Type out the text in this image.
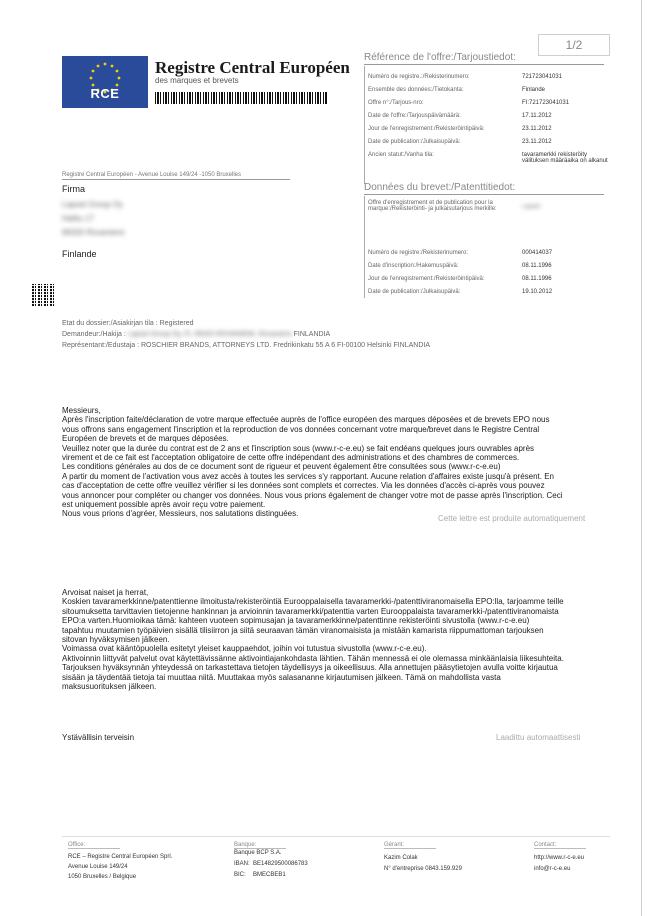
1/2
RCE
Registre Central Européen
des marques et brevets
Référence de l'offre:/Tarjoustiedot:
Numéro de registre.:/Rekisterinumero:	721723041031
Ensemble des données:/Tietokanta:	Finlande
Offre n°:/Tarjous-nro:	FI:721723041031
Date de l'offre:/Tarjouspäivämäärä:	17.11.2012
Jour de l'enregistrement:/Rekisteröintipäivä:	23.11.2012
Date de publication:/Julkaisupäivä:	23.11.2012
Ancien statut:/Vanha tila:	tavaramerkki rekisteröity välituksen määräaika on alkanut
Données du brevet:/Patenttitiedot:
Offre d'enregistrement et de publication pour la marque:/Rekisteröinti- ja julkaisutarjous merkille:	Lopset
Numéro de registre:/Rekisterinumero:	000414037
Date d'inscription:/Hakemuspäivä:	08.11.1996
Jour de l'enregistrement:/Rekisteröintipäivä:	08.11.1996
Date de publication:/Julkaisupäivä:	19.10.2012
Registre Central Européen - Avenue Louise 149/24 -1050 Bruxelles
Firma
Lapset Group Oy
Halttu 17
96320 Rovaniemi
Finlande
Etat du dossier:/Asiakirjan tila : Registered
Demandeur:/Hakija : Lapset Group Oy, FI, 96320 ROVANIEMI, Rovaniemi FINLANDIA
Représentant:/Edustaja : ROSCHIER BRANDS, ATTORNEYS LTD. Fredrikinkatu 55 A 6 FI-00100 Helsinki FINLANDIA
Messieurs,
Après l'inscription faite/déclaration de votre marque effectuée auprès de l'office européen des marques déposées et de brevets EPO nous
vous offrons sans engagement l'inscription et la reproduction de vos données concernant votre marque/brevet dans le Registre Central
Européen de brevets et de marques déposées.
Veuillez noter que la durée du contrat est de 2 ans et l'inscription sous (www.r-c-e.eu) se fait endéans quelques jours ouvrables après
virement et de ce fait est l'acceptation obligatoire de cette offre indépendant des administrations et des chambres de commerces.
Les conditions générales au dos de ce document sont de rigueur et peuvent également être consultées sous (www.r-c-e.eu)
A partir du moment de l'activation vous avez accès à toutes les services s'y rapportant. Aucune relation d'affaires existe jusqu'à présent. En
cas d'acceptation de cette offre veuillez vérifier si les données sont complets et correctes. Via les données d'accès ci-après vous pouvez
vous annoncer pour compléter ou changer vos données. Nous vous prions également de changer votre mot de passe après l'inscription. Ceci
est uniquement possible après avoir reçu votre paiement.
Nous vous prions d'agréer, Messieurs, nos salutations distinguées.
Cette lettre est produite automatiquement
Arvoisat naiset ja herrat,
Koskien tavaramerkkinne/patenttienne ilmoitusta/rekisteröintiä Eurooppalaisella tavaramerkki-/patenttiviranomaisella EPO:lla, tarjoamme teille
sitoumuksetta tarvittavien tietojenne hankinnan ja arvioinnin tavaramerkki/patenttia varten Eurooppalaista tavaramerkki-/patenttiviranomaista
EPO:a varten.Huomioikaa tämä: kahteen vuoteen sopimusajan ja tavaramerkkinne/patenttinne rekisteröinti sivustolla (www.r-c-e.eu)
tapahtuu muutamien työpäivien sisällä tilisiirron ja siitä seuraavan tämän viranomaisista ja mistään kamarista riippumattoman tarjouksen
sitovan hyväksymisen jälkeen.
Voimassa ovat kääntöpuolella esitetyt yleiset kauppaehdot, joihin voi tutustua sivustolla (www.r-c-e.eu).
Aktivoinnin liittyvät palvelut ovat käytettävissänne aktivointiajankohdasta lähtien. Tähän mennessä ei ole olemassa minkäänlaisia liikesuhteita.
Tarjouksen hyväksynnän yhteydessä on tarkastettava tietojen täydellisyys ja oikeellisuus. Alla annettujen pääsytietojen avulla voitte kirjautua
sisään ja täydentää tietoja tai muuttaa niitä. Muuttakaa myös salasananne kirjautumisen jälkeen. Tämä on mahdollista vasta
maksusuorituksen jälkeen.
Ystävällisin terveisin	Laadittu automaattisesti
Office:
RCE – Registre Central Européen Sprl.
Avenue Louise 149/24
1050 Bruxelles / Belgique
Banque:
Banque BCP S.A.
IBAN: BE14829500086783
BIC: BMECBEB1
Gérant:
Kazim Colak
N° d'entreprise 0843.159.929
Contact:
http://www.r-c-e.eu
info@r-c-e.eu
